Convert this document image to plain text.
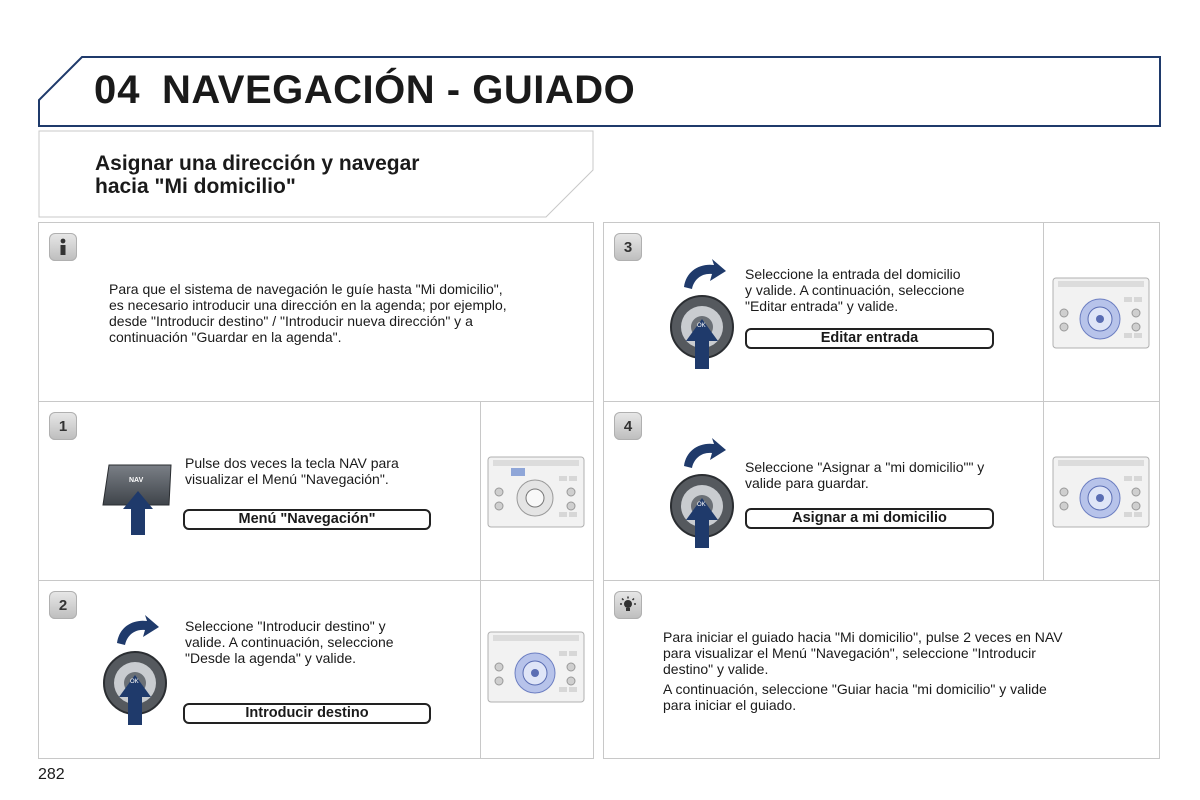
04 NAVEGACIÓN - GUIADO
Asignar una dirección y navegar
hacia "Mi domicilio"
Para que el sistema de navegación le guíe hasta "Mi domicilio",
es necesario introducir una dirección en la agenda; por ejemplo,
desde "Introducir destino" / "Introducir nueva dirección" y a
continuación "Guardar en la agenda".
1
NAV
Pulse dos veces la tecla NAV para
visualizar el Menú "Navegación".
Menú "Navegación"
2
OK
Seleccione "Introducir destino" y
valide. A continuación, seleccione
"Desde la agenda" y valide.
Introducir destino
3
OK
Seleccione la entrada del domicilio
y valide. A continuación, seleccione
"Editar entrada" y valide.
Editar entrada
4
OK
Seleccione "Asignar a "mi domicilio"" y
valide para guardar.
Asignar a mi domicilio
Para iniciar el guiado hacia "Mi domicilio", pulse 2 veces en NAV
para visualizar el Menú "Navegación", seleccione "Introducir
destino" y valide.
A continuación, seleccione "Guiar hacia "mi domicilio" y valide
para iniciar el guiado.
282
